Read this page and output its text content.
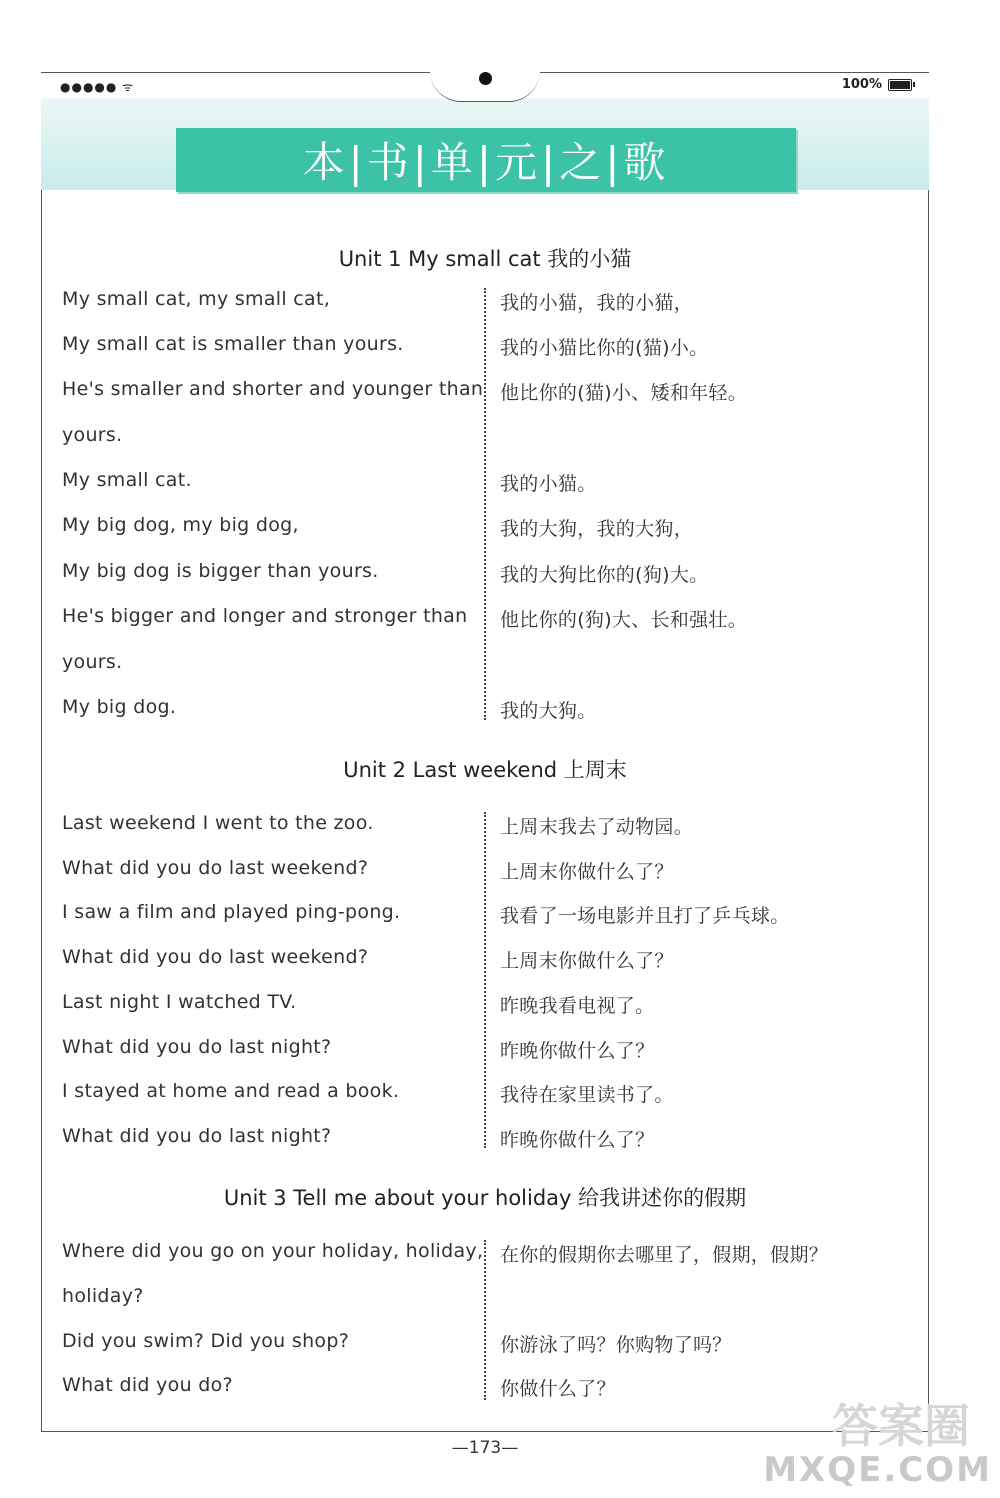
●●●●● ᯤ	100%
本|书|单|元|之|歌
Unit 1 My small cat 我的小猫
My small cat, my small cat,
My small cat is smaller than yours.
He's smaller and shorter and younger than
yours.
My small cat.
My big dog, my big dog,
My big dog is bigger than yours.
He's bigger and longer and stronger than
yours.
My big dog.
我的小猫，我的小猫，
我的小猫比你的(猫)小。
他比你的(猫)小、矮和年轻。
我的小猫。
我的大狗，我的大狗，
我的大狗比你的(狗)大。
他比你的(狗)大、长和强壮。
我的大狗。
Unit 2 Last weekend 上周末
Last weekend I went to the zoo.
What did you do last weekend?
I saw a film and played ping-pong.
What did you do last weekend?
Last night I watched TV.
What did you do last night?
I stayed at home and read a book.
What did you do last night?
上周末我去了动物园。
上周末你做什么了？
我看了一场电影并且打了乒乓球。
上周末你做什么了？
昨晚我看电视了。
昨晚你做什么了？
我待在家里读书了。
昨晚你做什么了？
Unit 3 Tell me about your holiday 给我讲述你的假期
Where did you go on your holiday, holiday,
holiday?
Did you swim? Did you shop?
What did you do?
在你的假期你去哪里了，假期，假期？
你游泳了吗？你购物了吗？
你做什么了？
—173—	答案圈
MXQE.COM
